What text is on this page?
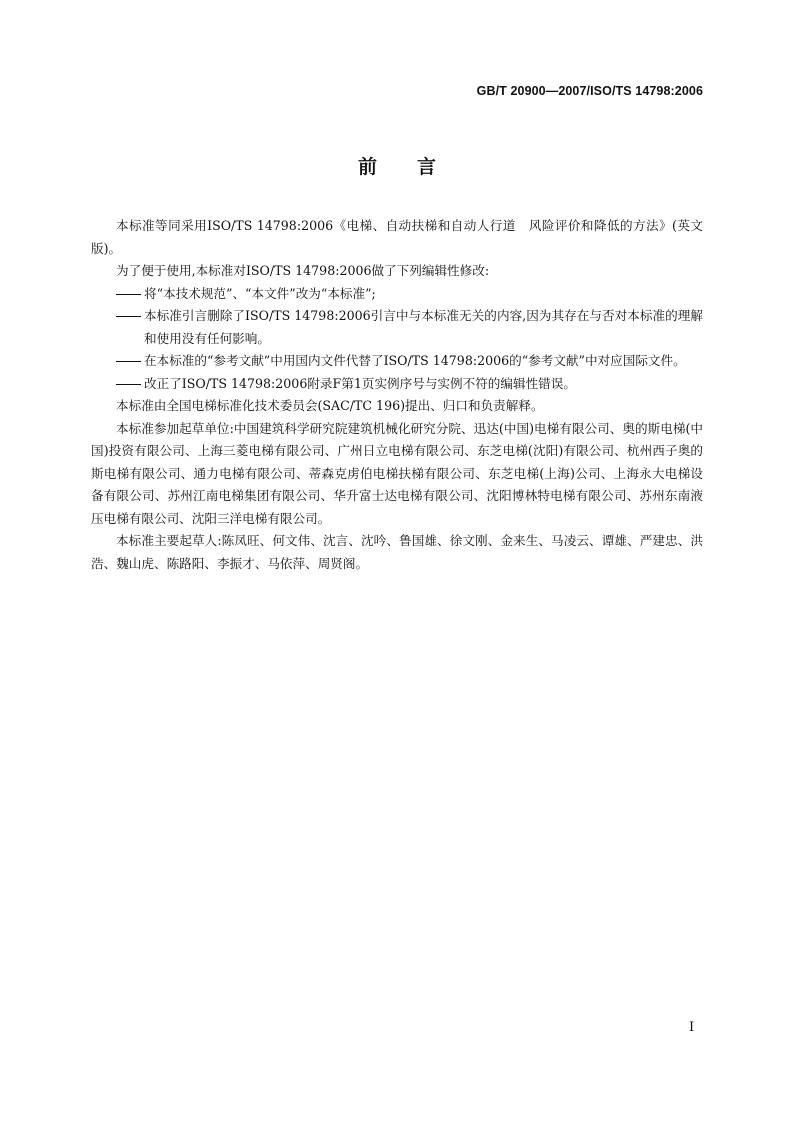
GB/T 20900—2007/ISO/TS 14798:2006
前言

本标准等同采用ISO/TS 14798:2006《电梯、自动扶梯和自动人行道　风险评价和降低的方法》(英文版)。

为了便于使用,本标准对ISO/TS 14798:2006做了下列编辑性修改:

将“本技术规范”、“本文件”改为“本标准”;

本标准引言删除了ISO/TS 14798:2006引言中与本标准无关的内容,因为其存在与否对本标准的理解和使用没有任何影响。

在本标准的“参考文献”中用国内文件代替了ISO/TS 14798:2006的“参考文献”中对应国际文件。

改正了ISO/TS 14798:2006附录F第1页实例序号与实例不符的编辑性错误。

本标准由全国电梯标准化技术委员会(SAC/TC 196)提出、归口和负责解释。

本标准参加起草单位:中国建筑科学研究院建筑机械化研究分院、迅达(中国)电梯有限公司、奥的斯电梯(中国)投资有限公司、上海三菱电梯有限公司、广州日立电梯有限公司、东芝电梯(沈阳)有限公司、杭州西子奥的斯电梯有限公司、通力电梯有限公司、蒂森克虏伯电梯扶梯有限公司、东芝电梯(上海)公司、上海永大电梯设备有限公司、苏州江南电梯集团有限公司、华升富士达电梯有限公司、沈阳博林特电梯有限公司、苏州东南液压电梯有限公司、沈阳三洋电梯有限公司。

本标准主要起草人:陈凤旺、何文伟、沈言、沈吟、鲁国雄、徐文刚、金来生、马凌云、谭雄、严建忠、洪浩、魏山虎、陈路阳、李振才、马依萍、周贤阁。

I
